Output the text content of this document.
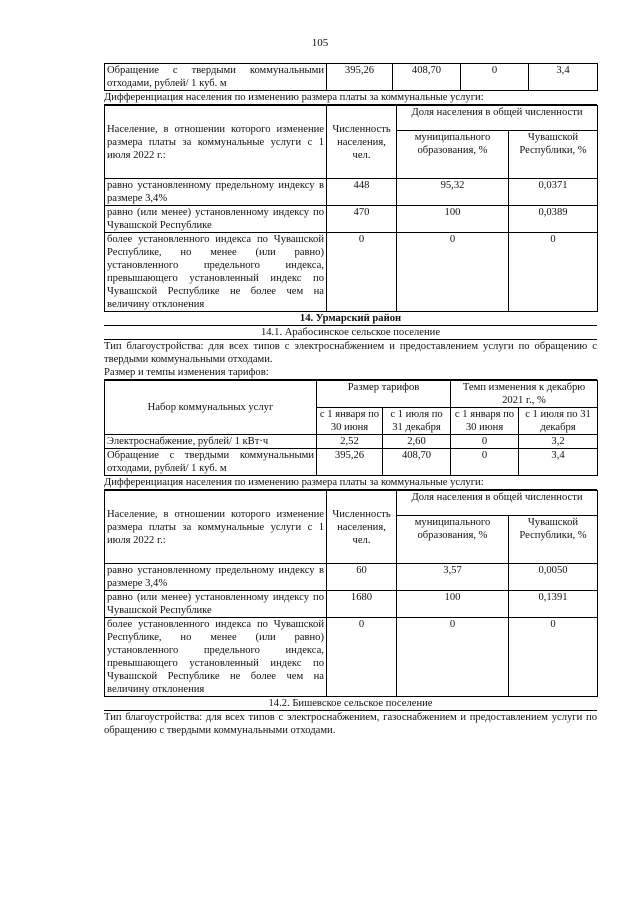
105
Обращение с твердыми коммунальными отходами, рублей/ 1 куб. м	395,26	408,70	0	3,4
Дифференциация населения по изменению размера платы за коммунальные услуги:
Население, в отношении которого изменение размера платы за коммунальные услуги с 1 июля 2022 г.:	Численность населения, чел.	Доля населения в общей численности	
		муниципального образования, %	Чувашской Республики, %
равно установленному предельному индексу в размере 3,4%	448	95,32	0,0371
равно (или менее) установленному индексу по Чувашской Республике	470	100	0,0389
более установленного индекса по Чувашской Республике, но менее (или равно) установленного предельного индекса, превышающего установленный индекс по Чувашской Республике не более чем на величину отклонения	0	0	0
14. Урмарский район
14.1. Арабосинское сельское поселение
Тип благоустройства: для всех типов с электроснабжением и предоставлением услуги по обращению с твердыми коммунальными отходами.
Размер и темпы изменения тарифов:
Набор коммунальных услуг	Размер тарифов		Темп изменения к декабрю 2021 г., %	
	с 1 января по 30 июня	с 1 июля по 31 декабря	с 1 января по 30 июня	с 1 июля по 31 декабря
Электроснабжение, рублей/ 1 кВт·ч	2,52	2,60	0	3,2
Обращение с твердыми коммунальными отходами, рублей/ 1 куб. м	395,26	408,70	0	3,4
Дифференциация населения по изменению размера платы за коммунальные услуги:
Население, в отношении которого изменение размера платы за коммунальные услуги с 1 июля 2022 г.:	Численность населения, чел.	Доля населения в общей численности	
		муниципального образования, %	Чувашской Республики, %
равно установленному предельному индексу в размере 3,4%	60	3,57	0,0050
равно (или менее) установленному индексу по Чувашской Республике	1680	100	0,1391
более установленного индекса по Чувашской Республике, но менее (или равно) установленного предельного индекса, превышающего установленный индекс по Чувашской Республике не более чем на величину отклонения	0	0	0
14.2. Бишевское сельское поселение
Тип благоустройства: для всех типов с электроснабжением, газоснабжением и предоставлением услуги по обращению с твердыми коммунальными отходами.
